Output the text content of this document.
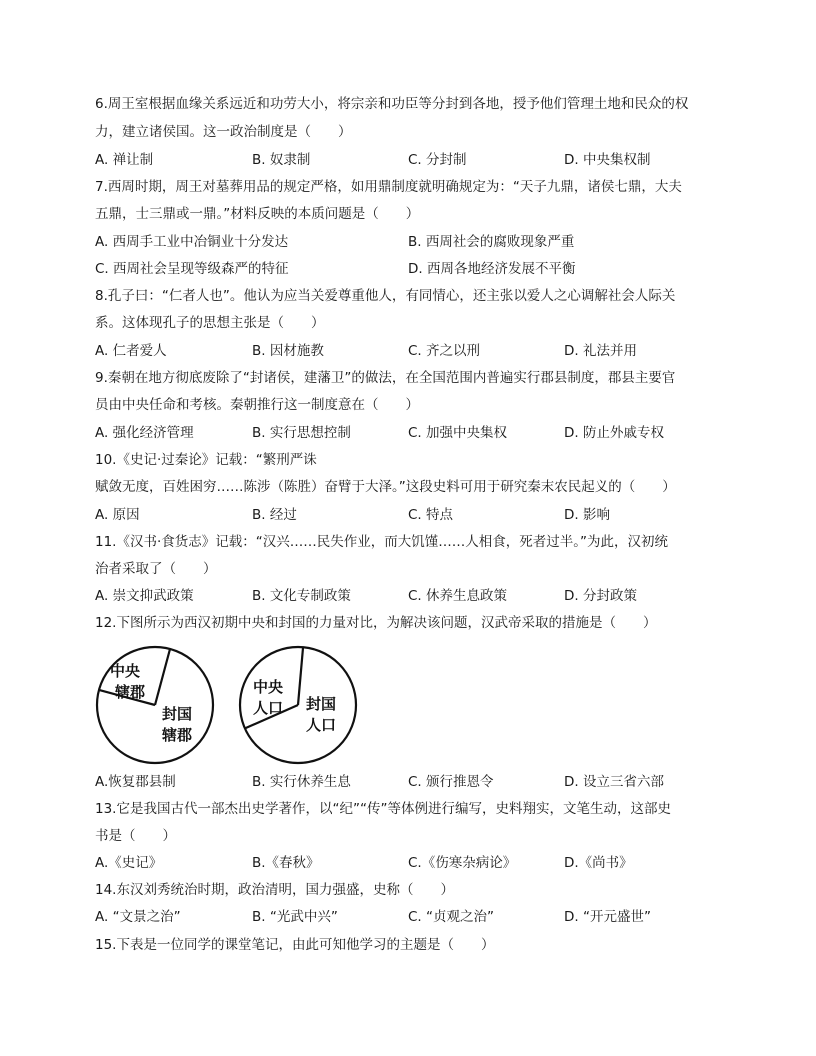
6.周王室根据血缘关系远近和功劳大小，将宗亲和功臣等分封到各地，授予他们管理土地和民众的权
力，建立诸侯国。这一政治制度是（　　）
A. 禅让制	B. 奴隶制	C. 分封制	D. 中央集权制
7.西周时期，周王对墓葬用品的规定严格，如用鼎制度就明确规定为：“天子九鼎，诸侯七鼎，大夫
五鼎，士三鼎或一鼎。”材料反映的本质问题是（　　）
A. 西周手工业中冶铜业十分发达	B. 西周社会的腐败现象严重
C. 西周社会呈现等级森严的特征	D. 西周各地经济发展不平衡
8.孔子曰：“仁者人也”。他认为应当关爱尊重他人，有同情心，还主张以爱人之心调解社会人际关
系。这体现孔子的思想主张是（　　）
A. 仁者爱人	B. 因材施教	C. 齐之以刑	D. 礼法并用
9.秦朝在地方彻底废除了“封诸侯，建藩卫”的做法，在全国范围内普遍实行郡县制度，郡县主要官
员由中央任命和考核。秦朝推行这一制度意在（　　）
A. 强化经济管理	B. 实行思想控制	C. 加强中央集权	D. 防止外戚专权
10.《史记·过秦论》记载：“繁刑严诛
赋敛无度，百姓困穷……陈涉（陈胜）奋臂于大泽。”这段史料可用于研究秦末农民起义的（　　）
A. 原因	B. 经过	C. 特点	D. 影响
11.《汉书·食货志》记载：“汉兴……民失作业，而大饥馑……人相食，死者过半。”为此，汉初统
治者采取了（　　）
A. 崇文抑武政策	B. 文化专制政策	C. 休养生息政策	D. 分封政策
12.下图所示为西汉初期中央和封国的力量对比，为解决该问题，汉武帝采取的措施是（　　）
中央
辖郡
封国
辖郡
中央
人口 封国
人口
A.恢复郡县制	B. 实行休养生息	C. 颁行推恩令	D. 设立三省六部
13.它是我国古代一部杰出史学著作，以“纪”“传”等体例进行编写，史料翔实，文笔生动，这部史
书是（　　）
A.《史记》	B.《春秋》	C.《伤寒杂病论》	D.《尚书》
14.东汉刘秀统治时期，政治清明，国力强盛，史称（　　）
A. “文景之治”	B. “光武中兴”	C. “贞观之治”	D. “开元盛世”
15.下表是一位同学的课堂笔记，由此可知他学习的主题是（　　）
